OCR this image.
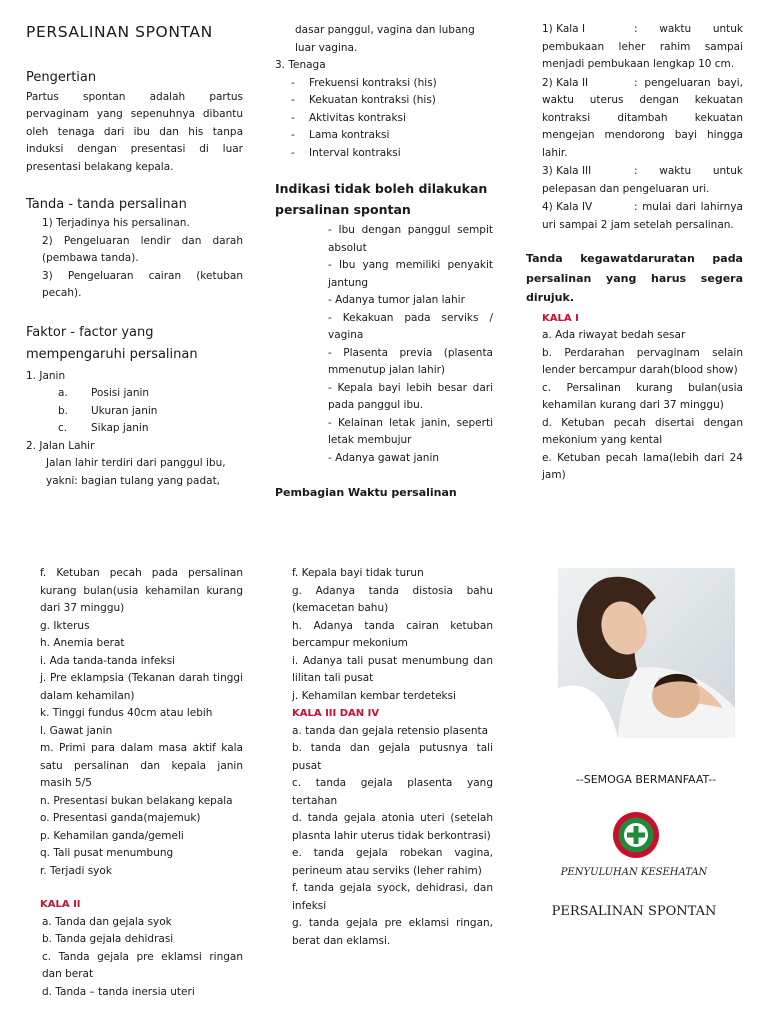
PERSALINAN SPONTAN
Pengertian
Partus spontan adalah partus pervaginam yang sepenuhnya dibantu oleh tenaga dari ibu dan his tanpa induksi dengan presentasi di luar presentasi belakang kepala.
Tanda - tanda persalinan
1) Terjadinya his persalinan.
2) Pengeluaran lendir dan darah (pembawa tanda).
3) Pengeluaran cairan (ketuban pecah).
Faktor - factor yang mempengaruhi persalinan
1. Janin
a.	Posisi janin
b.	Ukuran janin
c.	Sikap janin
2. Jalan Lahir
Jalan lahir terdiri dari panggul ibu,
yakni: bagian tulang yang padat,
dasar panggul, vagina dan lubang luar vagina.
3. Tenaga
-	Frekuensi kontraksi (his)
-	Kekuatan kontraksi (his)
-	Aktivitas kontraksi
-	Lama kontraksi
-	Interval kontraksi
Indikasi tidak boleh dilakukan persalinan spontan
- Ibu dengan panggul sempit absolut
- Ibu yang memiliki penyakit jantung
- Adanya tumor jalan lahir
- Kekakuan pada serviks / vagina
- Plasenta previa (plasenta mmenutup jalan lahir)
- Kepala bayi lebih besar dari pada panggul ibu.
- Kelainan letak janin, seperti letak membujur
- Adanya gawat janin
Pembagian Waktu persalinan
1) Kala I	: waktu untuk pembukaan leher rahim sampai menjadi pembukaan lengkap 10 cm.
2) Kala II	: pengeluaran bayi, waktu uterus dengan kekuatan kontraksi ditambah kekuatan mengejan mendorong bayi hingga lahir.
3) Kala III	: waktu untuk pelepasan dan pengeluaran uri.
4) Kala IV	: mulai dari lahirnya uri sampai 2 jam setelah persalinan.
Tanda kegawatdaruratan pada persalinan yang harus segera dirujuk.
KALA I
a. Ada riwayat bedah sesar
b. Perdarahan pervaginam selain lender bercampur darah(blood show)
c. Persalinan kurang bulan(usia kehamilan kurang dari 37 minggu)
d. Ketuban pecah disertai dengan mekonium yang kental
e. Ketuban pecah lama(lebih dari 24 jam)
f. Ketuban pecah pada persalinan kurang bulan(usia kehamilan kurang dari 37 minggu)
g. Ikterus
h. Anemia berat
i. Ada tanda-tanda infeksi
j. Pre eklampsia (Tekanan darah tinggi dalam kehamilan)
k. Tinggi fundus 40cm atau lebih
l. Gawat janin
m. Primi para dalam masa aktif kala satu persalinan dan kepala janin masih 5/5
n. Presentasi bukan belakang kepala
o. Presentasi ganda(majemuk)
p. Kehamilan ganda/gemeli
q. Tali pusat menumbung
r. Terjadi syok
KALA II
a. Tanda dan gejala syok
b. Tanda gejala dehidrasi
c. Tanda gejala pre eklamsi ringan dan berat
d. Tanda – tanda inersia uteri
f. Kepala bayi tidak turun
g. Adanya tanda distosia bahu (kemacetan bahu)
h. Adanya tanda cairan ketuban bercampur mekonium
i. Adanya tali pusat menumbung dan lilitan tali pusat
j. Kehamilan kembar terdeteksi
KALA III DAN IV
a. tanda dan gejala retensio plasenta
b. tanda dan gejala putusnya tali pusat
c. tanda gejala plasenta yang tertahan
d. tanda gejala atonia uteri (setelah plasnta lahir uterus tidak berkontrasi)
e. tanda gejala robekan vagina, perineum atau serviks (leher rahim)
f. tanda gejala syock, dehidrasi, dan infeksi
g. tanda gejala pre eklamsi ringan, berat dan eklamsi.
--SEMOGA BERMANFAAT--
PENYULUHAN KESEHATAN
PERSALINAN SPONTAN
